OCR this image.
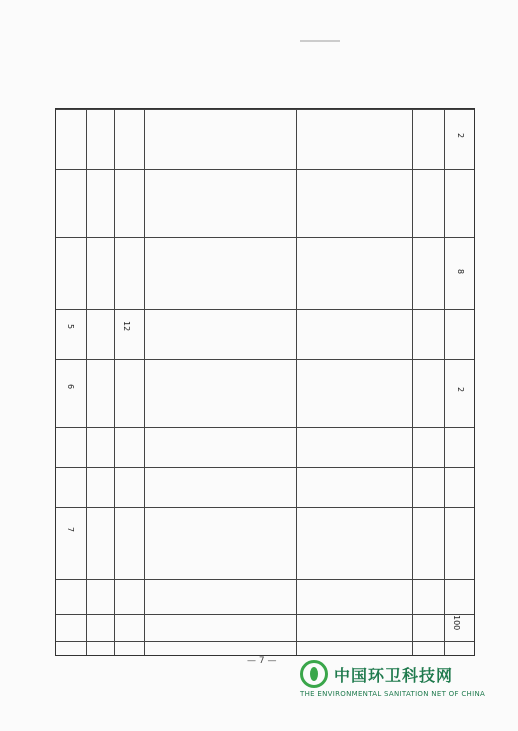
5	12
2
8
6
2
7
100
— 7 —
中国环卫科技网
THE ENVIRONMENTAL SANITATION NET OF CHINA
